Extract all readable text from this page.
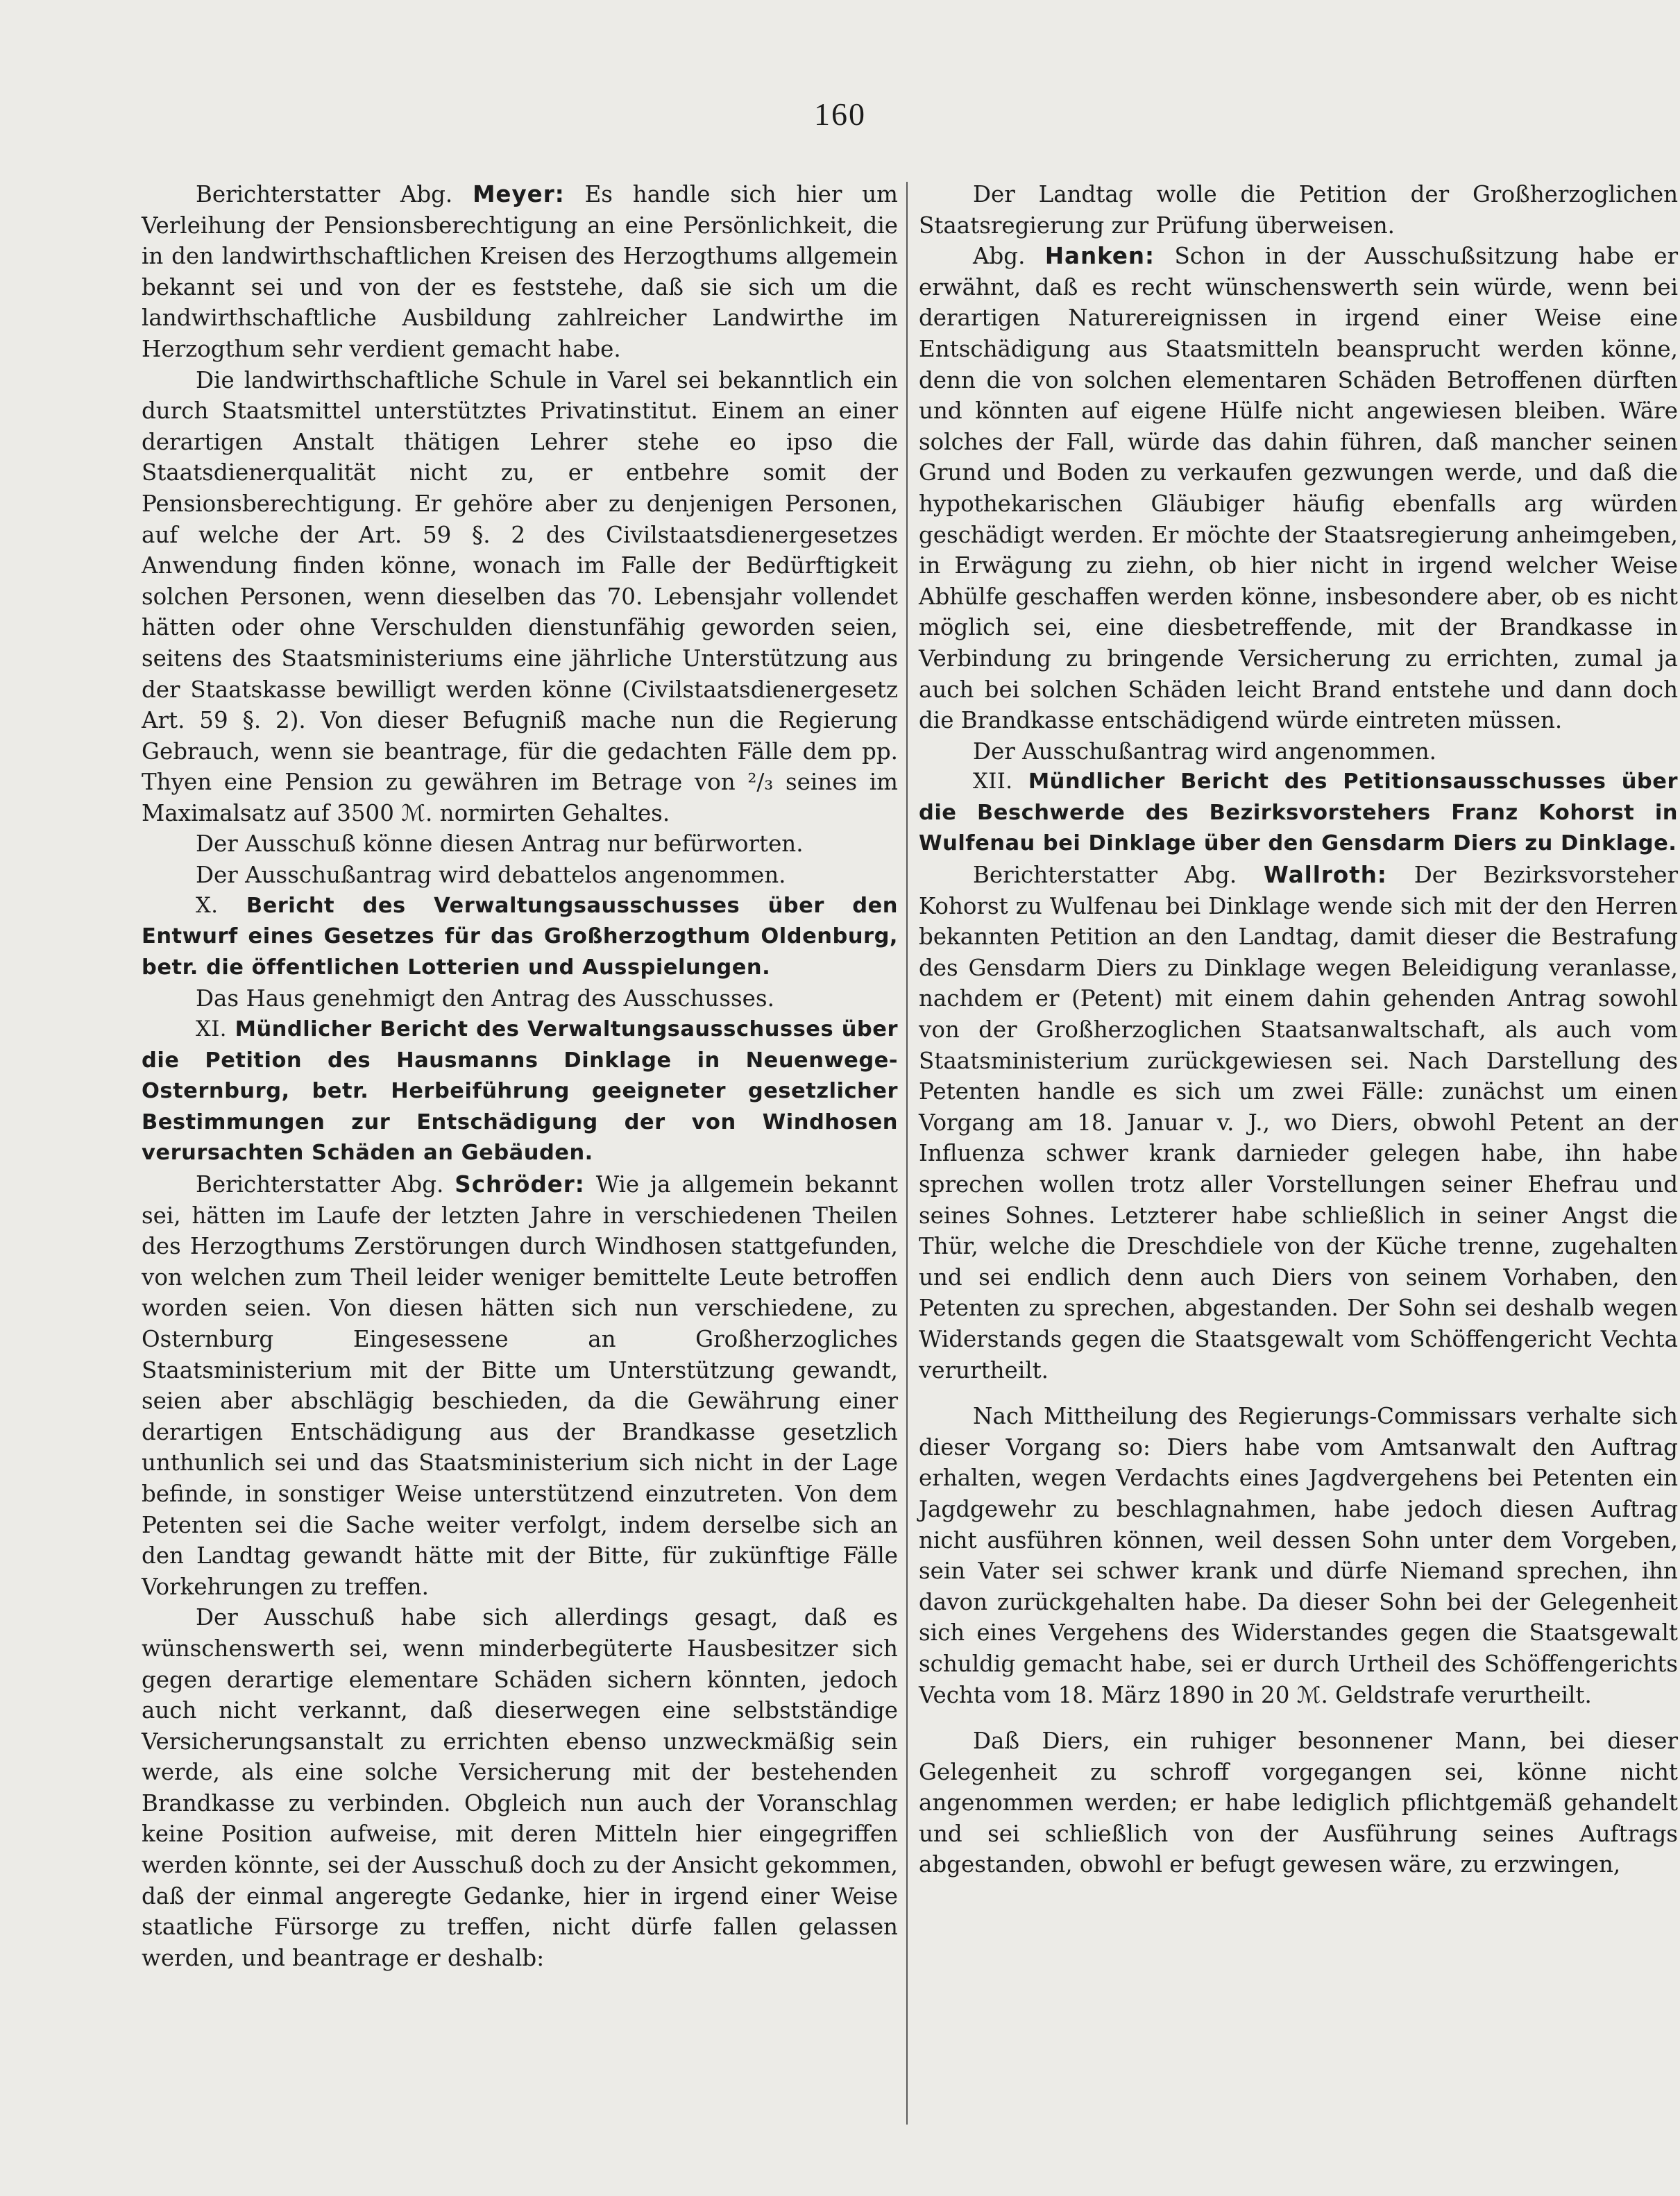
160

Berichterstatter Abg. Meyer: Es handle sich hier um Verleihung der Pensionsberechtigung an eine Persönlichkeit, die in den landwirthschaftlichen Kreisen des Herzogthums allgemein bekannt sei und von der es feststehe, daß sie sich um die landwirthschaftliche Ausbildung zahlreicher Landwirthe im Herzogthum sehr verdient gemacht habe.

Die landwirthschaftliche Schule in Varel sei bekanntlich ein durch Staatsmittel unterstütztes Privatinstitut. Einem an einer derartigen Anstalt thätigen Lehrer stehe eo ipso die Staatsdienerqualität nicht zu, er entbehre somit der Pensionsberechtigung. Er gehöre aber zu denjenigen Personen, auf welche der Art. 59 §. 2 des Civilstaatsdienergesetzes Anwendung finden könne, wonach im Falle der Bedürftigkeit solchen Personen, wenn dieselben das 70. Lebensjahr vollendet hätten oder ohne Verschulden dienstunfähig geworden seien, seitens des Staatsministeriums eine jährliche Unterstützung aus der Staatskasse bewilligt werden könne (Civilstaatsdienergesetz Art. 59 §. 2). Von dieser Befugniß mache nun die Regierung Gebrauch, wenn sie beantrage, für die gedachten Fälle dem pp. Thyen eine Pension zu gewähren im Betrage von ²/₃ seines im Maximalsatz auf 3500 ℳ. normirten Gehaltes.

Der Ausschuß könne diesen Antrag nur befürworten.

Der Ausschußantrag wird debattelos angenommen.

X. Bericht des Verwaltungsausschusses über den Entwurf eines Gesetzes für das Großherzogthum Oldenburg, betr. die öffentlichen Lotterien und Ausspielungen.

Das Haus genehmigt den Antrag des Ausschusses.

XI. Mündlicher Bericht des Verwaltungsausschusses über die Petition des Hausmanns Dinklage in Neuenwege-Osternburg, betr. Herbeiführung geeigneter gesetzlicher Bestimmungen zur Entschädigung der von Windhosen verursachten Schäden an Gebäuden.

Berichterstatter Abg. Schröder: Wie ja allgemein bekannt sei, hätten im Laufe der letzten Jahre in verschiedenen Theilen des Herzogthums Zerstörungen durch Windhosen stattgefunden, von welchen zum Theil leider weniger bemittelte Leute betroffen worden seien. Von diesen hätten sich nun verschiedene, zu Osternburg Eingesessene an Großherzogliches Staatsministerium mit der Bitte um Unterstützung gewandt, seien aber abschlägig beschieden, da die Gewährung einer derartigen Entschädigung aus der Brandkasse gesetzlich unthunlich sei und das Staatsministerium sich nicht in der Lage befinde, in sonstiger Weise unterstützend einzutreten. Von dem Petenten sei die Sache weiter verfolgt, indem derselbe sich an den Landtag gewandt hätte mit der Bitte, für zukünftige Fälle Vorkehrungen zu treffen.

Der Ausschuß habe sich allerdings gesagt, daß es wünschenswerth sei, wenn minderbegüterte Hausbesitzer sich gegen derartige elementare Schäden sichern könnten, jedoch auch nicht verkannt, daß dieserwegen eine selbstständige Versicherungsanstalt zu errichten ebenso unzweckmäßig sein werde, als eine solche Versicherung mit der bestehenden Brandkasse zu verbinden. Obgleich nun auch der Voranschlag keine Position aufweise, mit deren Mitteln hier eingegriffen werden könnte, sei der Ausschuß doch zu der Ansicht gekommen, daß der einmal angeregte Gedanke, hier in irgend einer Weise staatliche Fürsorge zu treffen, nicht dürfe fallen gelassen werden, und beantrage er deshalb:

Der Landtag wolle die Petition der Großherzoglichen Staatsregierung zur Prüfung überweisen.

Abg. Hanken: Schon in der Ausschußsitzung habe er erwähnt, daß es recht wünschenswerth sein würde, wenn bei derartigen Naturereignissen in irgend einer Weise eine Entschädigung aus Staatsmitteln beansprucht werden könne, denn die von solchen elementaren Schäden Betroffenen dürften und könnten auf eigene Hülfe nicht angewiesen bleiben. Wäre solches der Fall, würde das dahin führen, daß mancher seinen Grund und Boden zu verkaufen gezwungen werde, und daß die hypothekarischen Gläubiger häufig ebenfalls arg würden geschädigt werden. Er möchte der Staatsregierung anheimgeben, in Erwägung zu ziehn, ob hier nicht in irgend welcher Weise Abhülfe geschaffen werden könne, insbesondere aber, ob es nicht möglich sei, eine diesbetreffende, mit der Brandkasse in Verbindung zu bringende Versicherung zu errichten, zumal ja auch bei solchen Schäden leicht Brand entstehe und dann doch die Brandkasse entschädigend würde eintreten müssen.

Der Ausschußantrag wird angenommen.

XII. Mündlicher Bericht des Petitionsausschusses über die Beschwerde des Bezirksvorstehers Franz Kohorst in Wulfenau bei Dinklage über den Gensdarm Diers zu Dinklage.

Berichterstatter Abg. Wallroth: Der Bezirksvorsteher Kohorst zu Wulfenau bei Dinklage wende sich mit der den Herren bekannten Petition an den Landtag, damit dieser die Bestrafung des Gensdarm Diers zu Dinklage wegen Beleidigung veranlasse, nachdem er (Petent) mit einem dahin gehenden Antrag sowohl von der Großherzoglichen Staatsanwaltschaft, als auch vom Staatsministerium zurückgewiesen sei. Nach Darstellung des Petenten handle es sich um zwei Fälle: zunächst um einen Vorgang am 18. Januar v. J., wo Diers, obwohl Petent an der Influenza schwer krank darnieder gelegen habe, ihn habe sprechen wollen trotz aller Vorstellungen seiner Ehefrau und seines Sohnes. Letzterer habe schließlich in seiner Angst die Thür, welche die Dreschdiele von der Küche trenne, zugehalten und sei endlich denn auch Diers von seinem Vorhaben, den Petenten zu sprechen, abgestanden. Der Sohn sei deshalb wegen Widerstands gegen die Staatsgewalt vom Schöffengericht Vechta verurtheilt.

Nach Mittheilung des Regierungs-Commissars verhalte sich dieser Vorgang so: Diers habe vom Amtsanwalt den Auftrag erhalten, wegen Verdachts eines Jagdvergehens bei Petenten ein Jagdgewehr zu beschlagnahmen, habe jedoch diesen Auftrag nicht ausführen können, weil dessen Sohn unter dem Vorgeben, sein Vater sei schwer krank und dürfe Niemand sprechen, ihn davon zurückgehalten habe. Da dieser Sohn bei der Gelegenheit sich eines Vergehens des Widerstandes gegen die Staatsgewalt schuldig gemacht habe, sei er durch Urtheil des Schöffengerichts Vechta vom 18. März 1890 in 20 ℳ. Geldstrafe verurtheilt.

Daß Diers, ein ruhiger besonnener Mann, bei dieser Gelegenheit zu schroff vorgegangen sei, könne nicht angenommen werden; er habe lediglich pflichtgemäß gehandelt und sei schließlich von der Ausführung seines Auftrags abgestanden, obwohl er befugt gewesen wäre, zu erzwingen,
